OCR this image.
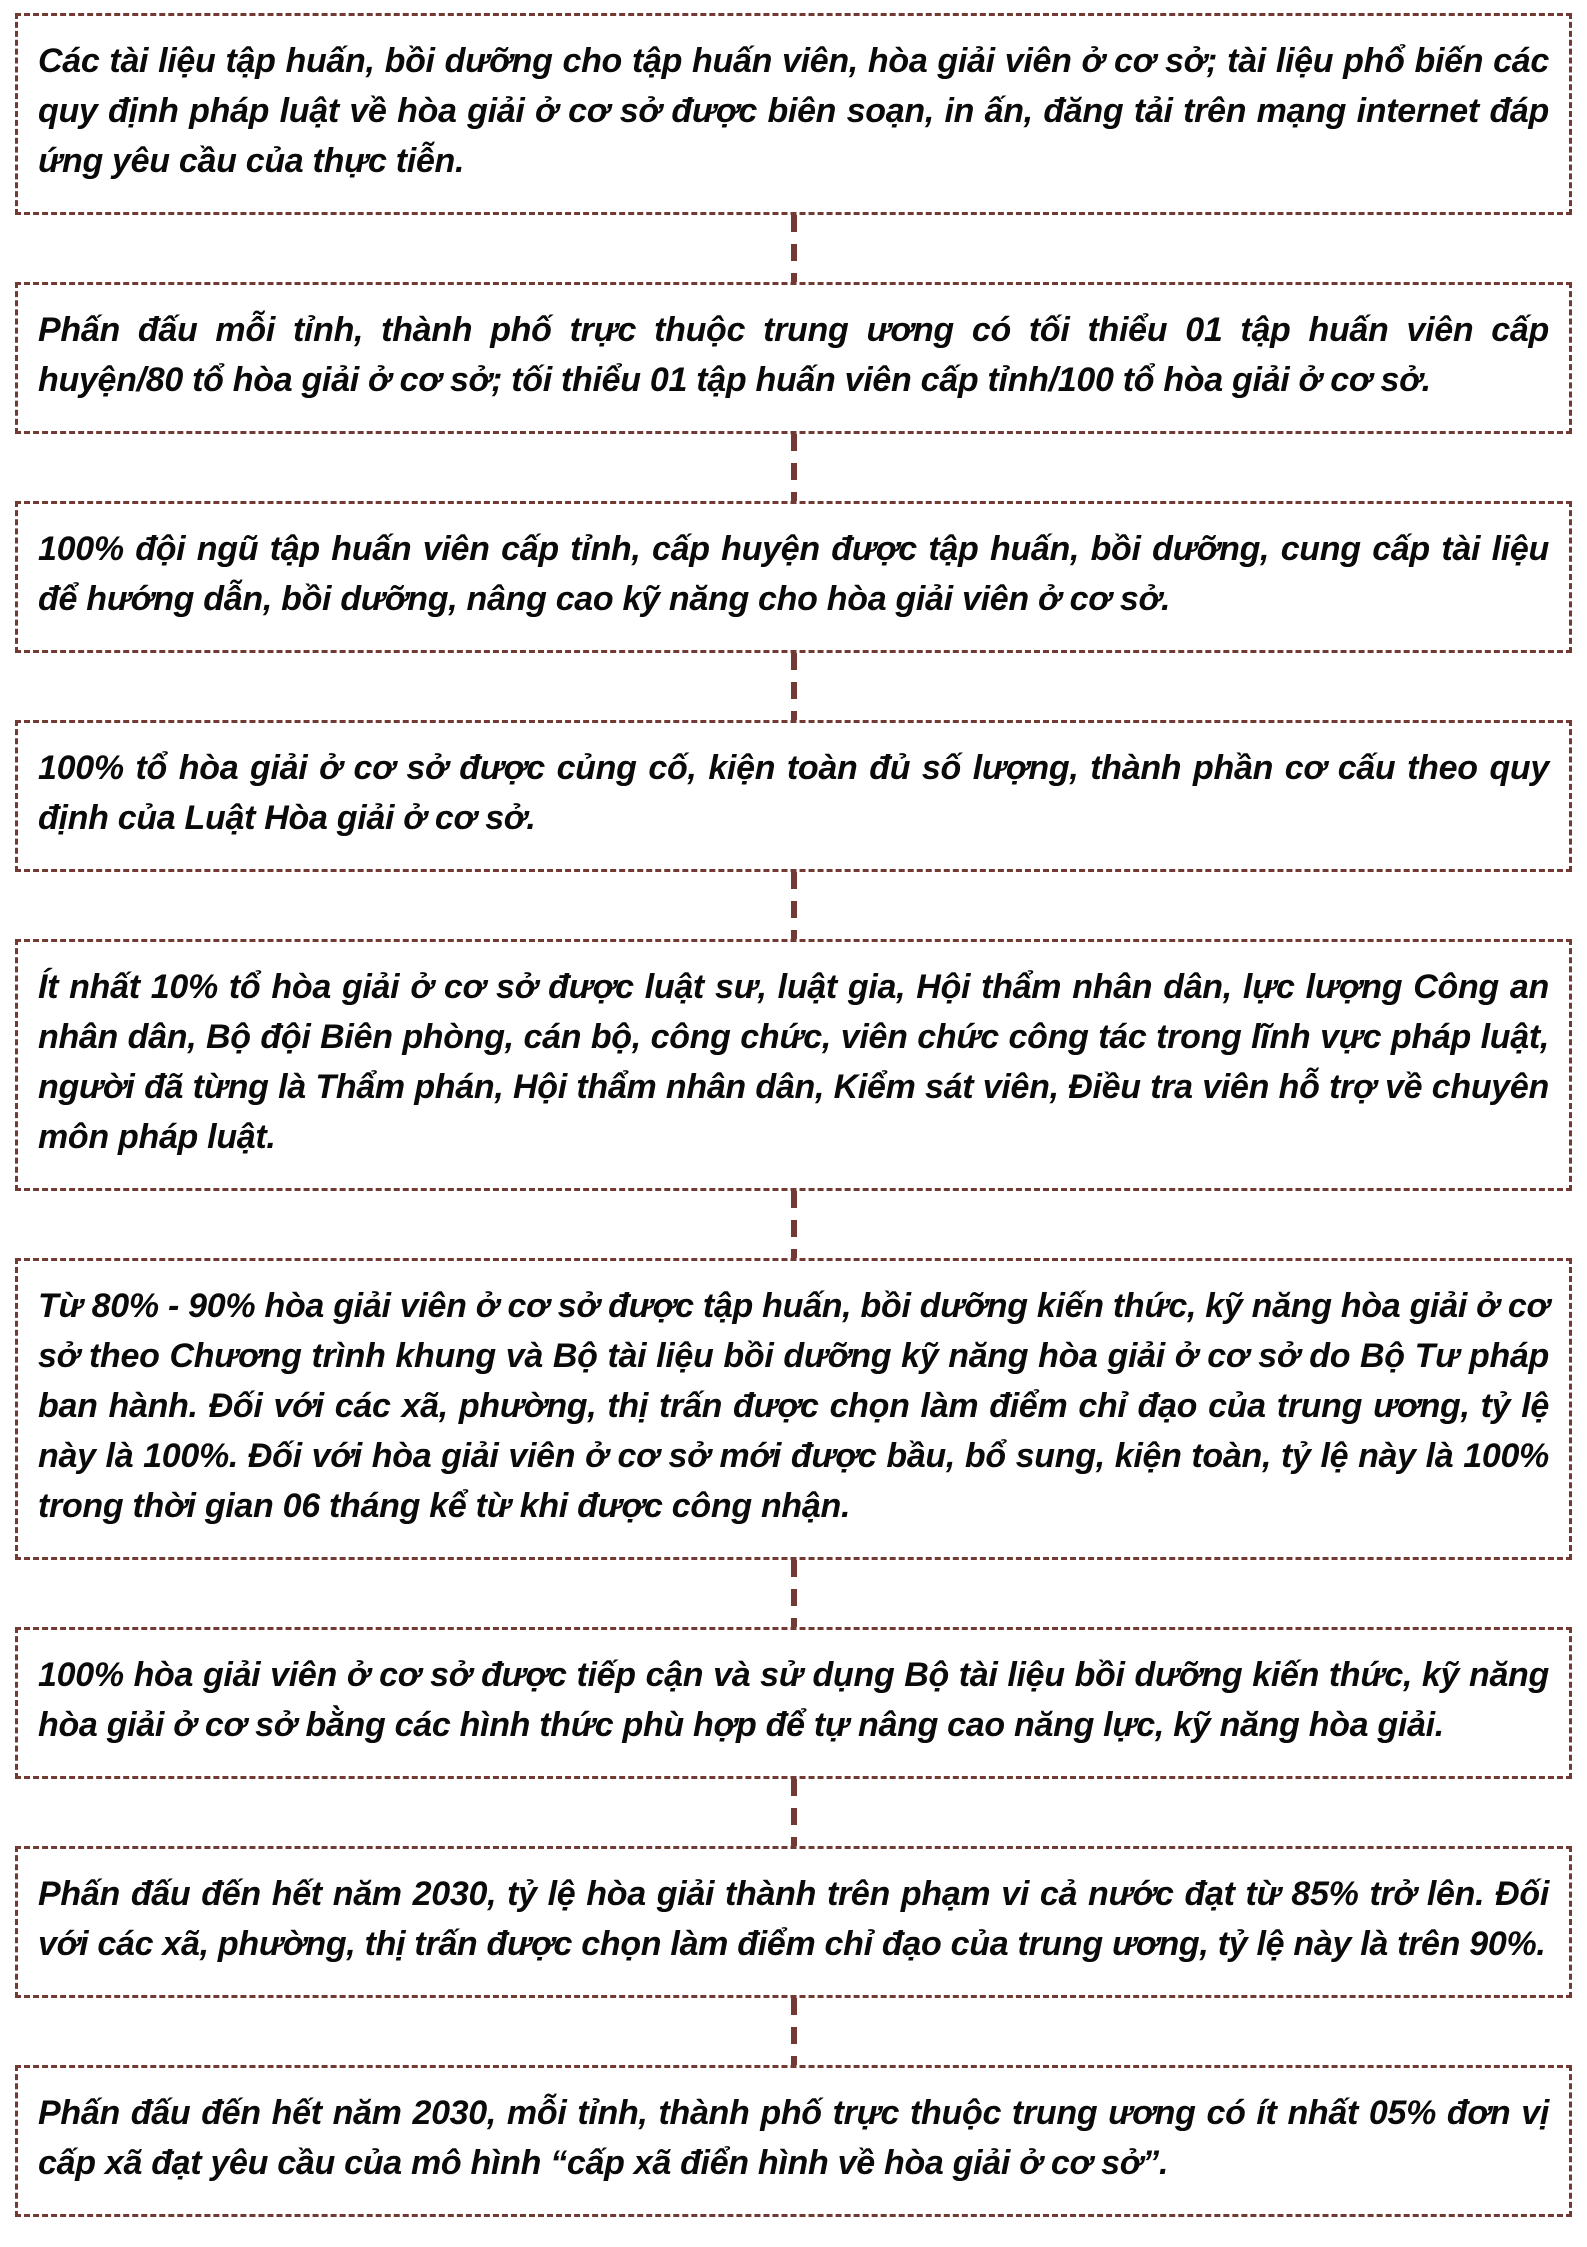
Các tài liệu tập huấn, bồi dưỡng cho tập huấn viên, hòa giải viên ở cơ sở; tài liệu phổ biến các quy định pháp luật về hòa giải ở cơ sở được biên soạn, in ấn, đăng tải trên mạng internet đáp ứng yêu cầu của thực tiễn.

Phấn đấu mỗi tỉnh, thành phố trực thuộc trung ương có tối thiểu 01 tập huấn viên cấp huyện/80 tổ hòa giải ở cơ sở; tối thiểu 01 tập huấn viên cấp tỉnh/100 tổ hòa giải ở cơ sở.

100% đội ngũ tập huấn viên cấp tỉnh, cấp huyện được tập huấn, bồi dưỡng, cung cấp tài liệu để hướng dẫn, bồi dưỡng, nâng cao kỹ năng cho hòa giải viên ở cơ sở.

100% tổ hòa giải ở cơ sở được củng cố, kiện toàn đủ số lượng, thành phần cơ cấu theo quy định của Luật Hòa giải ở cơ sở.

Ít nhất 10% tổ hòa giải ở cơ sở được luật sư, luật gia, Hội thẩm nhân dân, lực lượng Công an nhân dân, Bộ đội Biên phòng, cán bộ, công chức, viên chức công tác trong lĩnh vực pháp luật, người đã từng là Thẩm phán, Hội thẩm nhân dân, Kiểm sát viên, Điều tra viên hỗ trợ về chuyên môn pháp luật.

Từ 80% - 90% hòa giải viên ở cơ sở được tập huấn, bồi dưỡng kiến thức, kỹ năng hòa giải ở cơ sở theo Chương trình khung và Bộ tài liệu bồi dưỡng kỹ năng hòa giải ở cơ sở do Bộ Tư pháp ban hành. Đối với các xã, phường, thị trấn được chọn làm điểm chỉ đạo của trung ương, tỷ lệ này là 100%. Đối với hòa giải viên ở cơ sở mới được bầu, bổ sung, kiện toàn, tỷ lệ này là 100% trong thời gian 06 tháng kể từ khi được công nhận.

100% hòa giải viên ở cơ sở được tiếp cận và sử dụng Bộ tài liệu bồi dưỡng kiến thức, kỹ năng hòa giải ở cơ sở bằng các hình thức phù hợp để tự nâng cao năng lực, kỹ năng hòa giải.

Phấn đấu đến hết năm 2030, tỷ lệ hòa giải thành trên phạm vi cả nước đạt từ 85% trở lên. Đối với các xã, phường, thị trấn được chọn làm điểm chỉ đạo của trung ương, tỷ lệ này là trên 90%.

Phấn đấu đến hết năm 2030, mỗi tỉnh, thành phố trực thuộc trung ương có ít nhất 05% đơn vị cấp xã đạt yêu cầu của mô hình “cấp xã điển hình về hòa giải ở cơ sở”.
